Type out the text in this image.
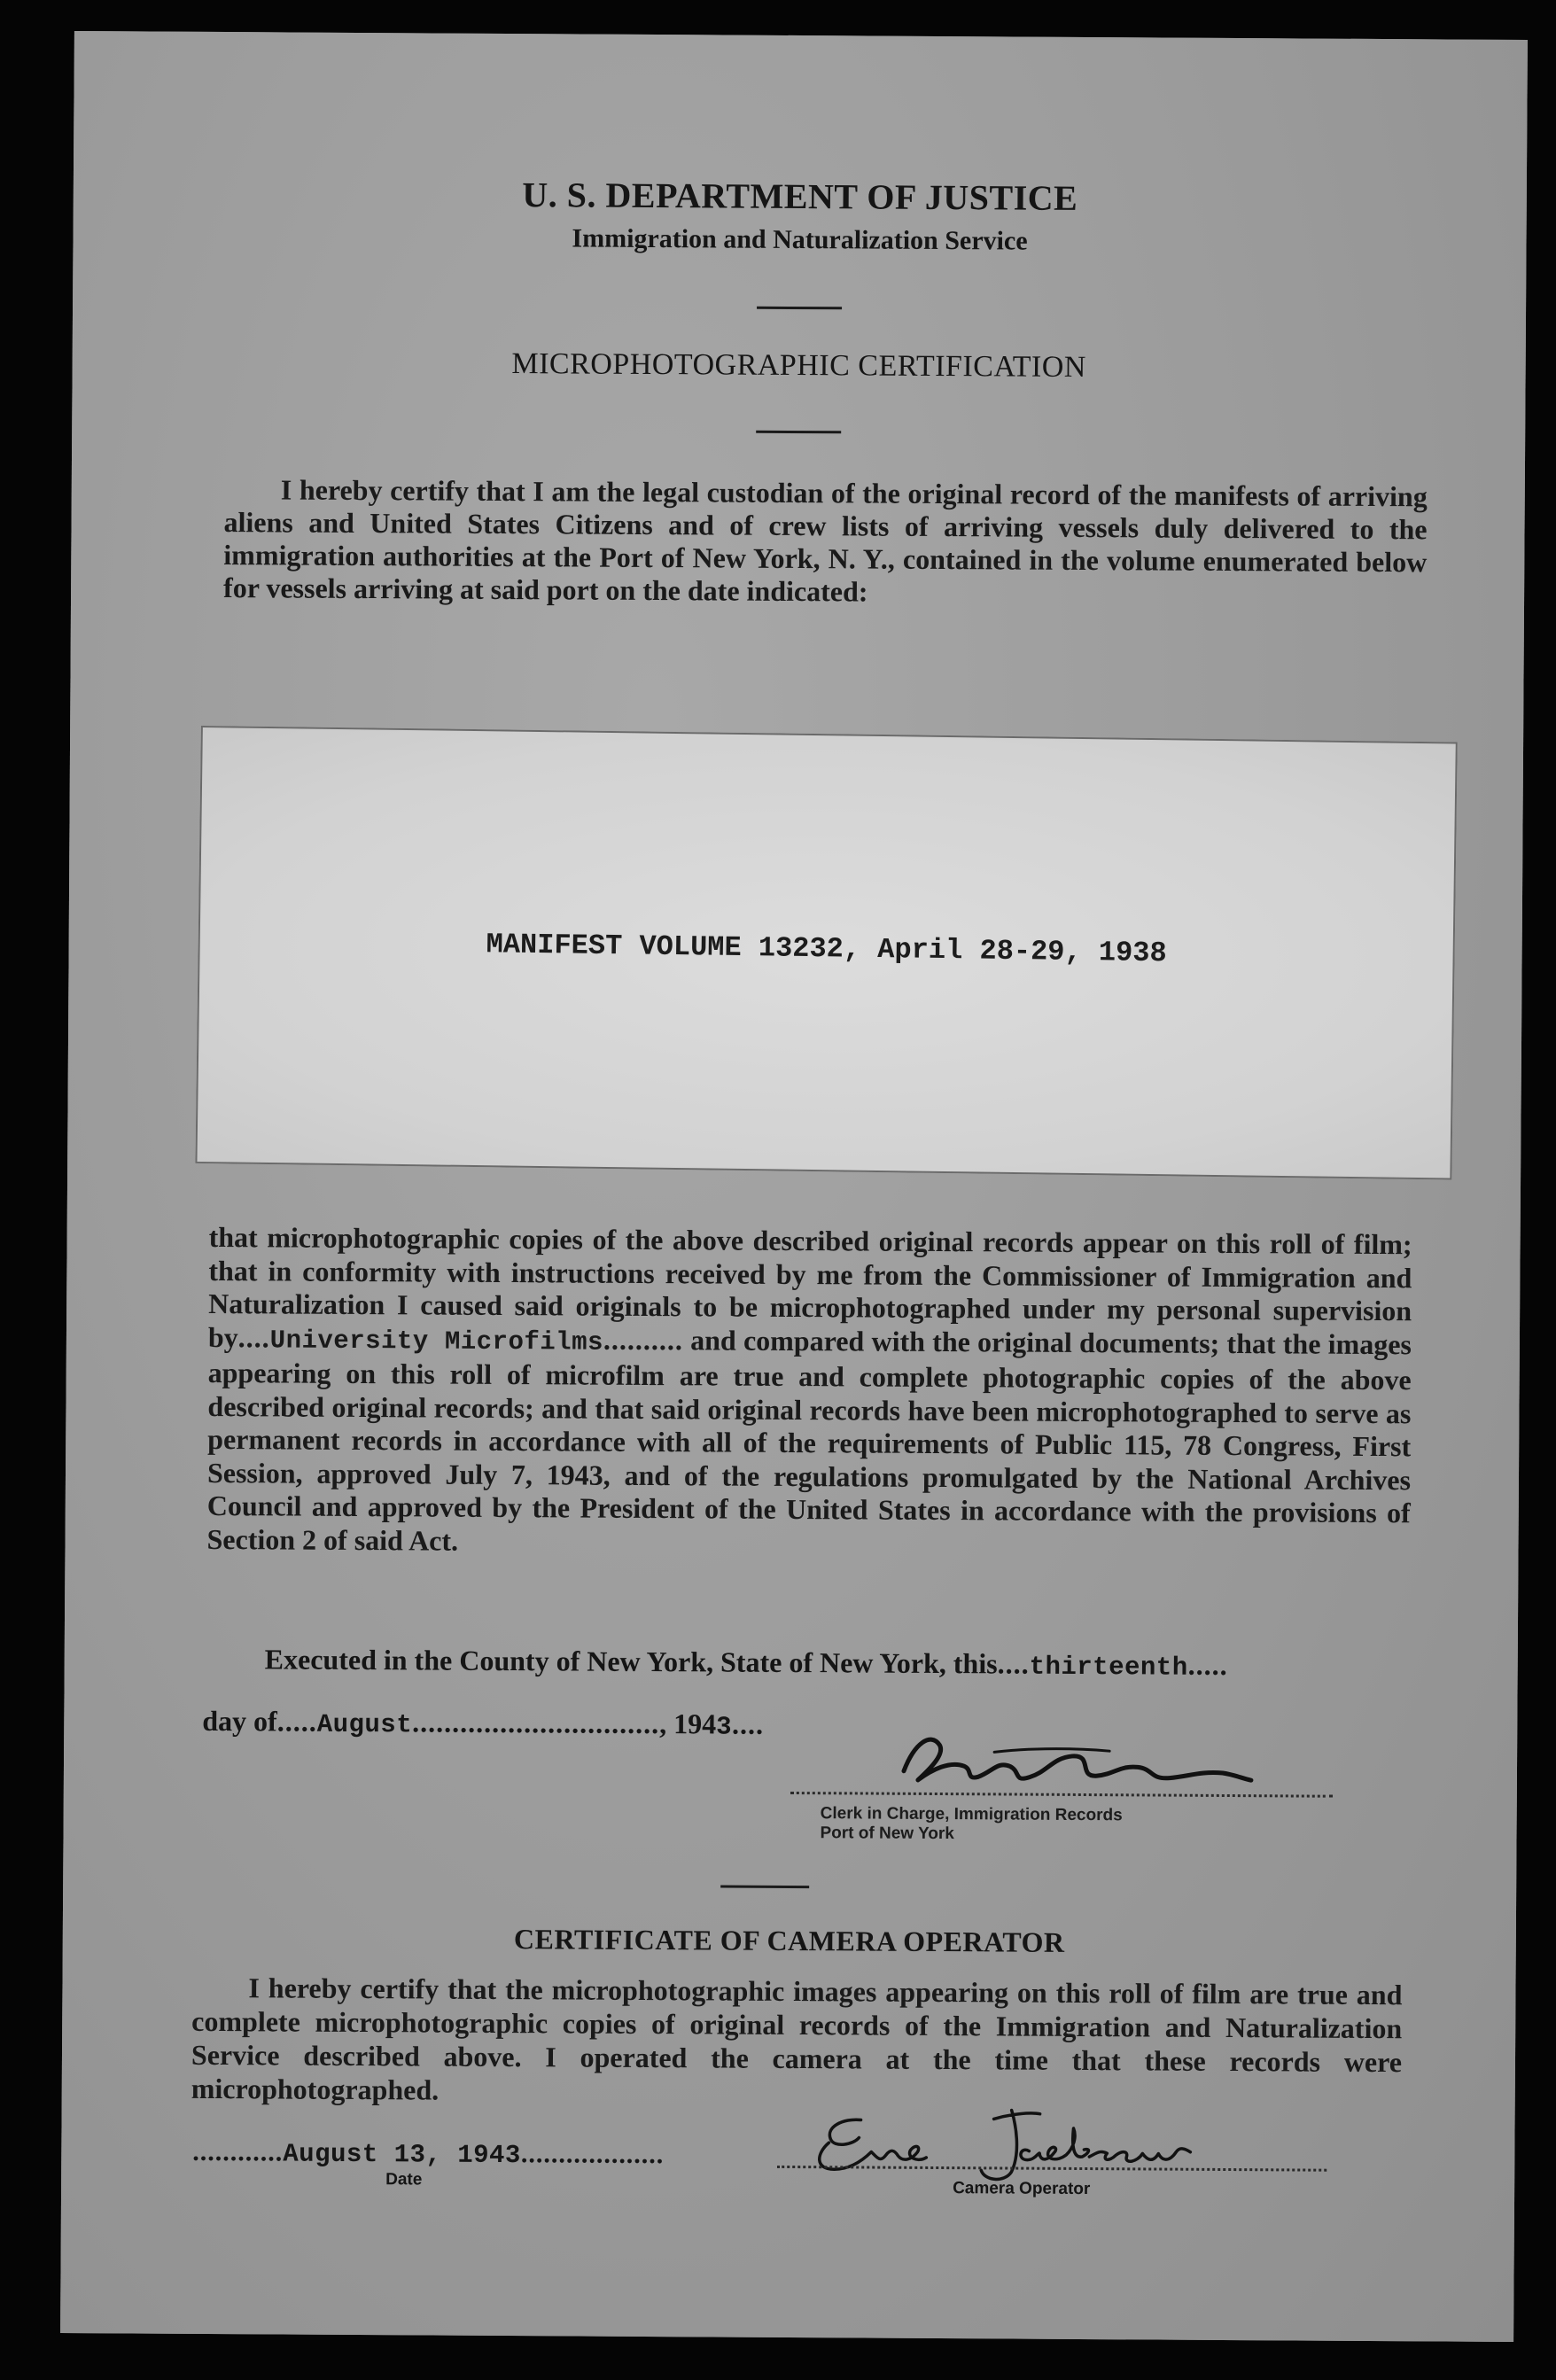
U. S. DEPARTMENT OF JUSTICE
Immigration and Naturalization Service
MICROPHOTOGRAPHIC CERTIFICATION
I hereby certify that I am the legal custodian of the original record of the manifests of arriving aliens and United States Citizens and of crew lists of arriving vessels duly delivered to the immigration authorities at the Port of New York, N. Y., contained in the volume enumerated below for vessels arriving at said port on the date indicated:
MANIFEST VOLUME 13232, April 28-29, 1938
that microphotographic copies of the above described original records appear on this roll of film; that in conformity with instructions received by me from the Commissioner of Immigration and Naturalization I caused said originals to be microphotographed under my personal supervision by....University Microfilms.......... and compared with the original documents; that the images appearing on this roll of microfilm are true and complete photographic copies of the above described original records; and that said original records have been microphotographed to serve as permanent records in accordance with all of the requirements of Public 115, 78 Congress, First Session, approved July 7, 1943, and of the regulations promulgated by the National Archives Council and approved by the President of the United States in accordance with the provisions of Section 2 of said Act.
Executed in the County of New York, State of New York, this....thirteenth.....
day of.....August..............................., 1943....
Clerk in Charge, Immigration Records
Port of New York
CERTIFICATE OF CAMERA OPERATOR
I hereby certify that the microphotographic images appearing on this roll of film are true and complete microphotographic copies of original records of the Immigration and Naturalization Service described above. I operated the camera at the time that these records were microphotographed.
............August 13, 1943...................
Date	Camera Operator
